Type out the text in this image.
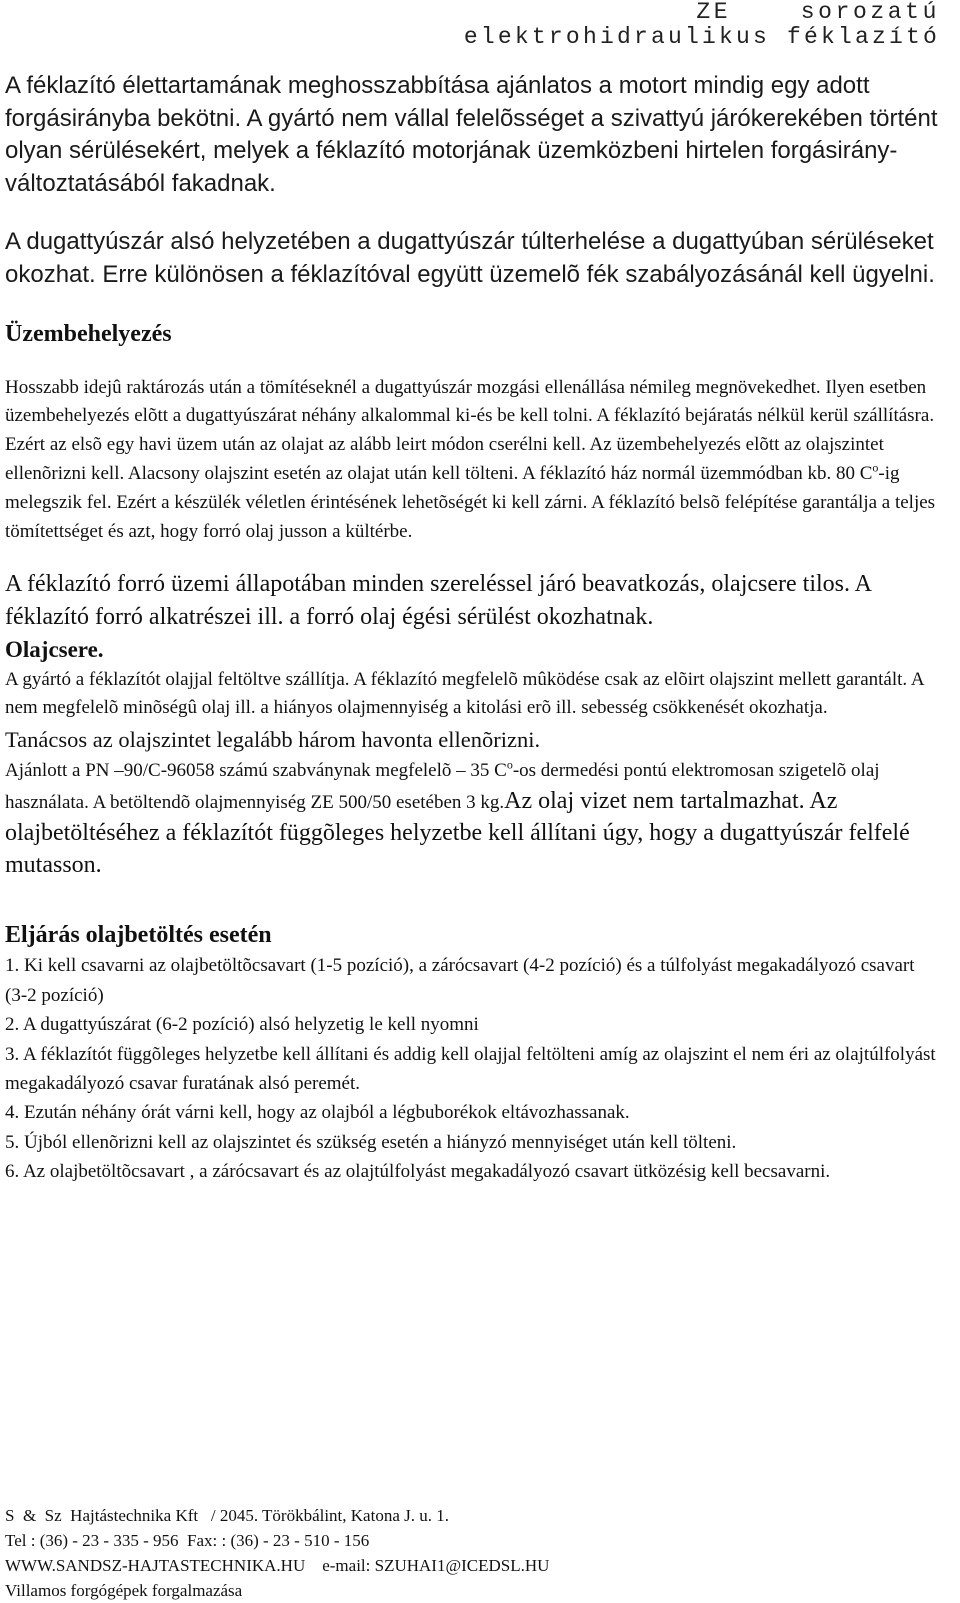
ZE    sorozatú
elektrohidraulikus féklazító

A féklazító élettartamának meghosszabbítása ajánlatos a motort mindig egy adott forgásirányba bekötni. A gyártó nem vállal felelõsséget a szivattyú járókerekében történt olyan sérülésekért, melyek a féklazító motorjának üzemközbeni hirtelen forgásirány-változtatásából fakadnak.

A dugattyúszár alsó helyzetében a dugattyúszár túlterhelése a dugattyúban sérüléseket okozhat. Erre különösen a féklazítóval együtt üzemelõ fék szabályozásánál kell ügyelni.

Üzembehelyezés

Hosszabb idejû raktározás után a tömítéseknél a dugattyúszár mozgási ellenállása némileg megnövekedhet. Ilyen esetben üzembehelyezés elõtt a dugattyúszárat néhány alkalommal ki-és be kell tolni. A féklazító bejáratás nélkül kerül szállításra. Ezért az elsõ egy havi üzem után az olajat az alább leirt módon cserélni kell. Az üzembehelyezés elõtt az olajszintet ellenõrizni kell. Alacsony olajszint esetén az olajat után kell tölteni. A féklazító ház normál üzemmódban kb. 80 $C^o-ig$ melegszik fel. Ezért a készülék véletlen érintésének lehetõségét ki kell zárni. A féklazító belsõ felépítése garantálja a teljes tömítettséget és azt, hogy forró olaj jusson a kültérbe.

A féklazító forró üzemi állapotában minden szereléssel járó beavatkozás, olajcsere tilos. A féklazító forró alkatrészei ill. a forró olaj égési sérülést okozhatnak.

Olajcsere.

A gyártó a féklazítót olajjal feltöltve szállítja. A féklazító megfelelõ mûködése csak az elõirt olajszint mellett garantált. A nem megfelelõ minõségû olaj ill. a hiányos olajmennyiség a kitolási erõ ill. sebesség csökkenését okozhatja.

Tanácsos az olajszintet legalább három havonta ellenõrizni.

Ajánlott a PN –90/C-96058 számú szabványnak megfelelõ – 35 $C^o-os$ dermedési pontú elektromosan szigetelõ olaj használata. A betöltendõ olajmennyiség ZE 500/50 esetében 3 kg.Az olaj vizet nem tartalmazhat. Az olajbetöltéséhez a féklazítót függõleges helyzetbe kell állítani úgy, hogy a dugattyúszár felfelé mutasson.

Eljárás olajbetöltés esetén

1. Ki kell csavarni az olajbetöltõcsavart (1-5 pozíció), a zárócsavart (4-2 pozíció) és a túlfolyást megakadályozó csavart (3-2 pozíció)

2. A dugattyúszárat (6-2 pozíció) alsó helyzetig le kell nyomni

3. A féklazítót függõleges helyzetbe kell állítani és addig kell olajjal feltölteni amíg az olajszint el nem éri az olajtúlfolyást megakadályozó csavar furatának alsó peremét.

4. Ezután néhány órát várni kell, hogy az olajból a légbuborékok eltávozhassanak.

5. Újból ellenõrizni kell az olajszintet és szükség esetén a hiányzó mennyiséget után kell tölteni.

6. Az olajbetöltõcsavart , a zárócsavart és az olajtúlfolyást megakadályozó csavart ütközésig kell becsavarni.

S  &  Sz  Hajtástechnika Kft   / 2045. Törökbálint, Katona J. u. 1.
Tel : (36) - 23 - 335 - 956  Fax: : (36) - 23 - 510 - 156
WWW.SANDSZ-HAJTASTECHNIKA.HU    e-mail: SZUHAI1@ICEDSL.HU
Villamos forgógépek forgalmazása
